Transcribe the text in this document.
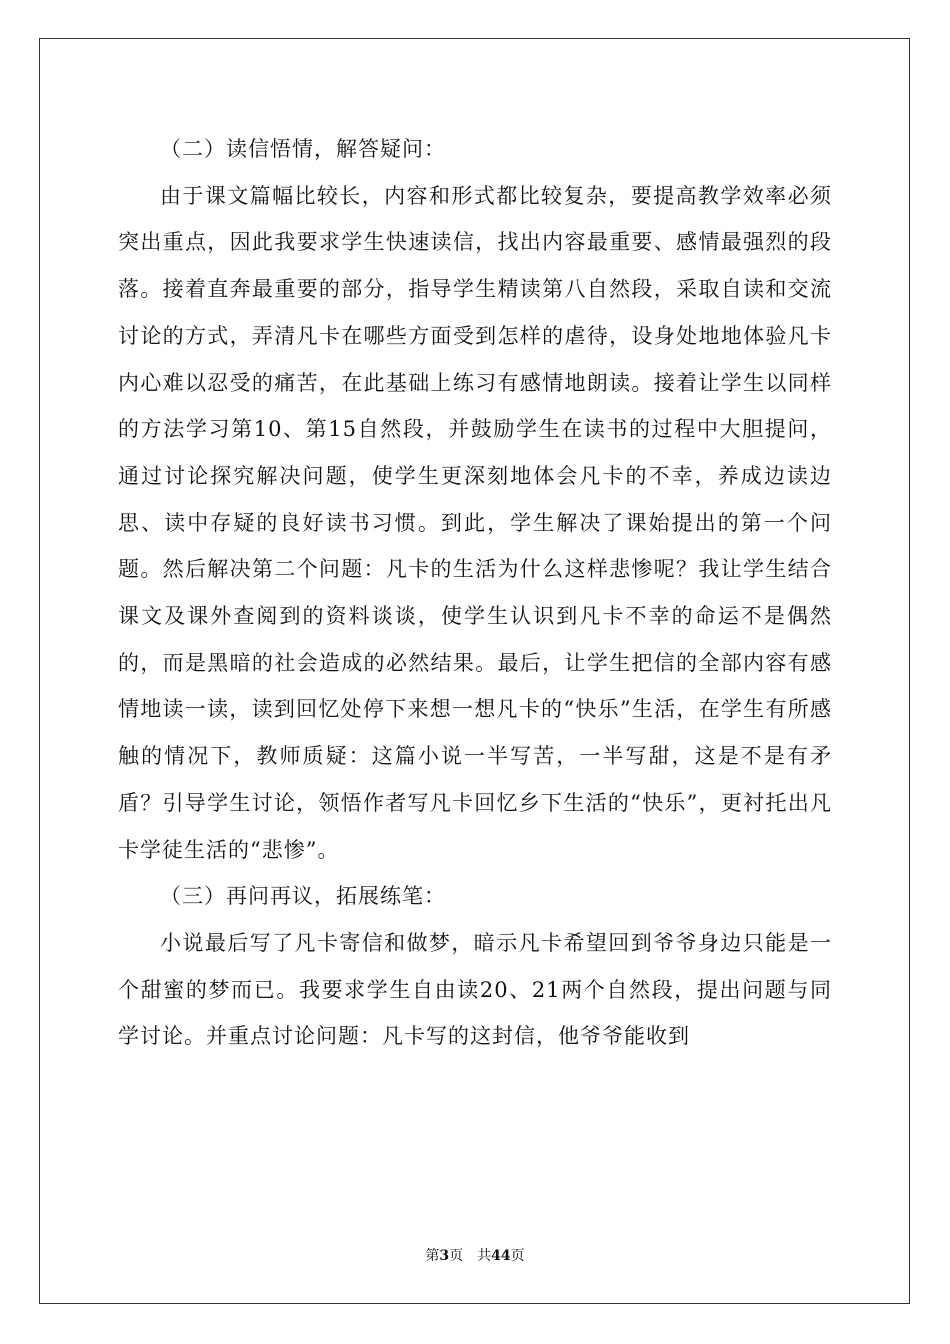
（二）读信悟情，解答疑问：

由于课文篇幅比较长，内容和形式都比较复杂，要提高教学效率必须突出重点，因此我要求学生快速读信，找出内容最重要、感情最强烈的段落。接着直奔最重要的部分，指导学生精读第八自然段，采取自读和交流讨论的方式，弄清凡卡在哪些方面受到怎样的虐待，设身处地地体验凡卡内心难以忍受的痛苦，在此基础上练习有感情地朗读。接着让学生以同样的方法学习第10、第15自然段，并鼓励学生在读书的过程中大胆提问，通过讨论探究解决问题，使学生更深刻地体会凡卡的不幸，养成边读边思、读中存疑的良好读书习惯。到此，学生解决了课始提出的第一个问题。然后解决第二个问题：凡卡的生活为什么这样悲惨呢？我让学生结合课文及课外查阅到的资料谈谈，使学生认识到凡卡不幸的命运不是偶然的，而是黑暗的社会造成的必然结果。最后，让学生把信的全部内容有感情地读一读，读到回忆处停下来想一想凡卡的“快乐”生活，在学生有所感触的情况下，教师质疑：这篇小说一半写苦，一半写甜，这是不是有矛盾？引导学生讨论，领悟作者写凡卡回忆乡下生活的“快乐”，更衬托出凡卡学徒生活的“悲惨”。

（三）再问再议，拓展练笔：

小说最后写了凡卡寄信和做梦，暗示凡卡希望回到爷爷身边只能是一个甜蜜的梦而已。我要求学生自由读20、21两个自然段，提出问题与同学讨论。并重点讨论问题：凡卡写的这封信，他爷爷能收到

第3页 共44页
